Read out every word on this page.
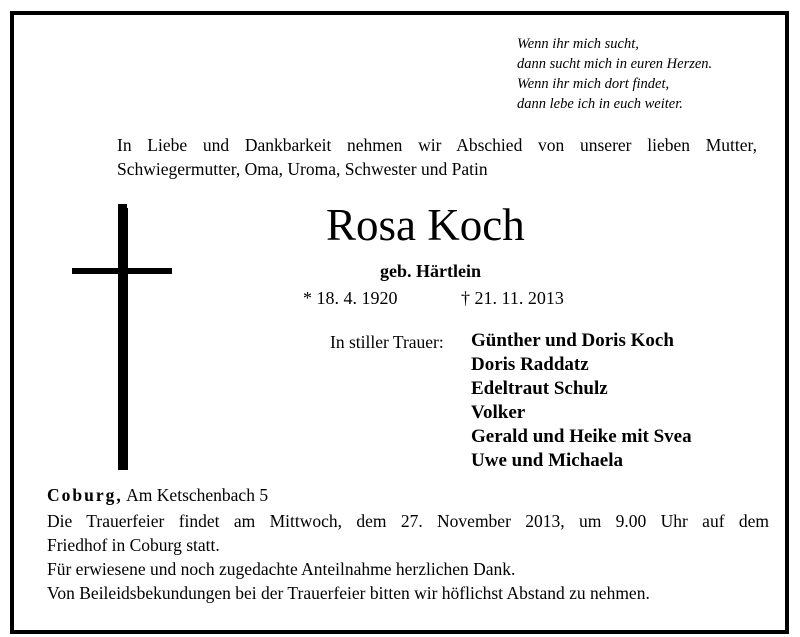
Wenn ihr mich sucht,
dann sucht mich in euren Herzen.
Wenn ihr mich dort findet,
dann lebe ich in euch weiter.
In Liebe und Dankbarkeit nehmen wir Abschied von unserer lieben Mutter,
Schwiegermutter, Oma, Uroma, Schwester und Patin
Rosa Koch
geb. Härtlein
* 18. 4. 1920	† 21. 11. 2013
In stiller Trauer: Günther und Doris Koch
Doris Raddatz
Edeltraut Schulz
Volker
Gerald und Heike mit Svea
Uwe und Michaela
Coburg, Am Ketschenbach 5
Die Trauerfeier findet am Mittwoch, dem 27. November 2013, um 9.00 Uhr auf dem
Friedhof in Coburg statt.
Für erwiesene und noch zugedachte Anteilnahme herzlichen Dank.
Von Beileidsbekundungen bei der Trauerfeier bitten wir höflichst Abstand zu nehmen.
